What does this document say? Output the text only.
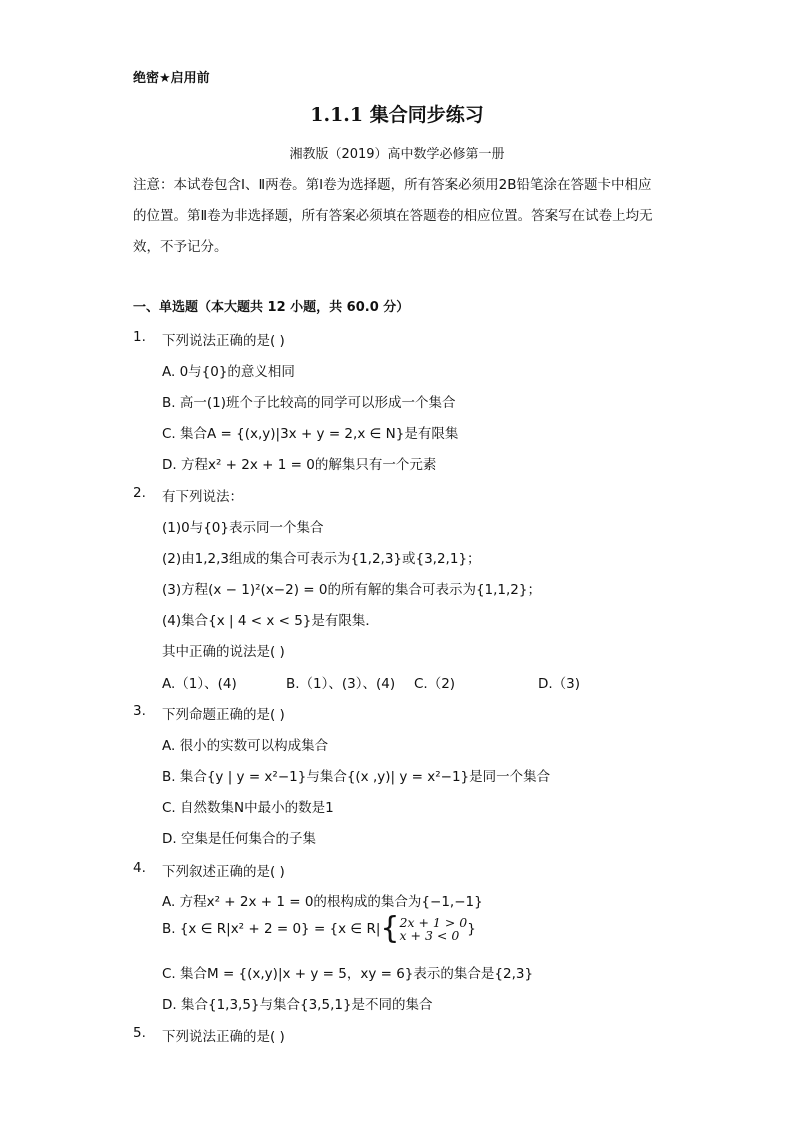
绝密★启用前
1.1.1 集合同步练习
湘教版（2019）高中数学必修第一册
注意：本试卷包含Ⅰ、Ⅱ两卷。第Ⅰ卷为选择题，所有答案必须用2B铅笔涂在答题卡中相应的位置。第Ⅱ卷为非选择题，所有答案必须填在答题卷的相应位置。答案写在试卷上均无效，不予记分。
一、单选题（本大题共 12 小题，共 60.0 分）
1. 下列说法正确的是( )
A. 0与{0}的意义相同
B. 高一(1)班个子比较高的同学可以形成一个集合
C. 集合A = {(x,y)|3x + y = 2,x ∈ N}是有限集
D. 方程x² + 2x + 1 = 0的解集只有一个元素
2. 有下列说法：
(1)0与{0}表示同一个集合
(2)由1,2,3组成的集合可表示为{1,2,3}或{3,2,1}；
(3)方程(x − 1)²(x−2) = 0的所有解的集合可表示为{1,1,2}；
(4)集合{x | 4 < x < 5}是有限集．
其中正确的说法是( )
A.（1）、(4)	B.（1）、(3）、(4) C.（2)	D.（3)
3. 下列命题正确的是( )
A. 很小的实数可以构成集合
B. 集合{y | y = x²−1}与集合{(x ,y)| y = x²−1}是同一个集合
C. 自然数集N中最小的数是1
D. 空集是任何集合的子集
4. 下列叙述正确的是( )
A. 方程x² + 2x + 1 = 0的根构成的集合为{−1,−1}
B. {x ∈ R|x² + 2 = 0} = {x ∈ R|{2x + 1 > 0
x + 3 < 0 }
C. 集合M = {(x,y)|x + y = 5，xy = 6}表示的集合是{2,3}
D. 集合{1,3,5}与集合{3,5,1}是不同的集合
5. 下列说法正确的是( )
